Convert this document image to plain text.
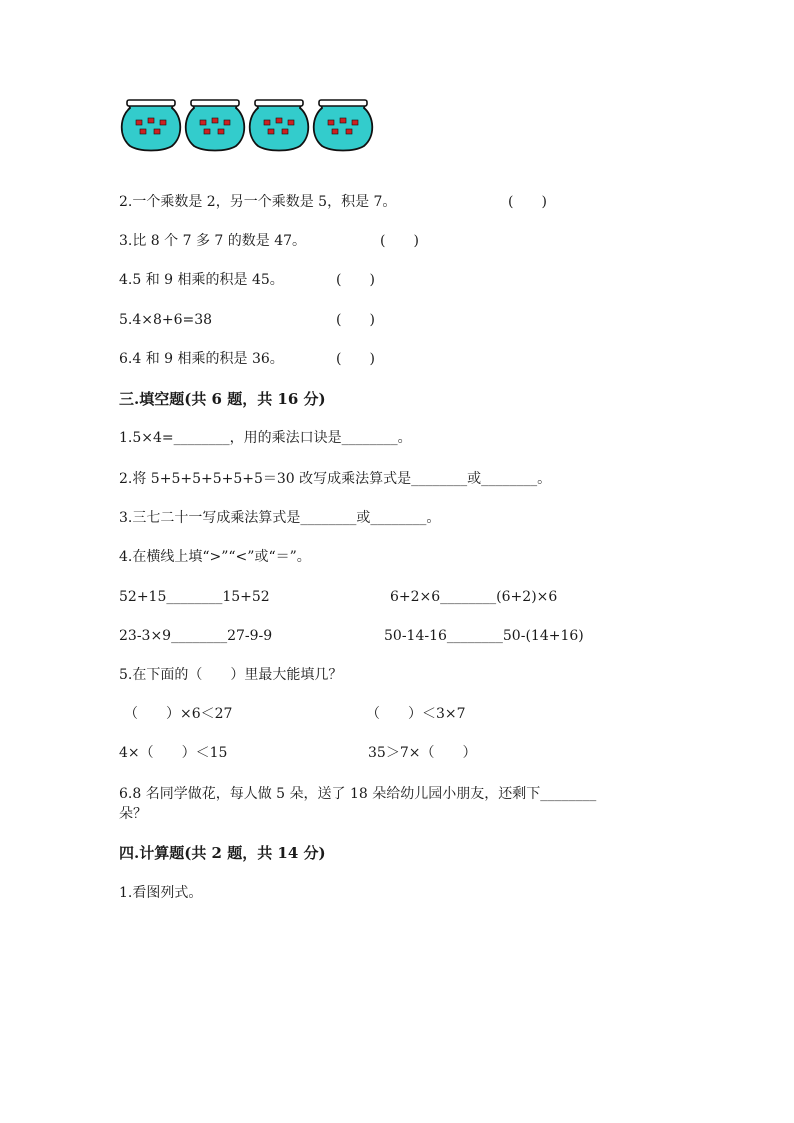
2.一个乘数是 2，另一个乘数是 5，积是 7。	(　　)
3.比 8 个 7 多 7 的数是 47。	(　　)
4.5 和 9 相乘的积是 45。	(　　)
5.4×8+6=38	(　　)
6.4 和 9 相乘的积是 36。	(　　)
三.填空题(共 6 题，共 16 分)
1.5×4=________，用的乘法口诀是________。
2.将 5+5+5+5+5+5＝30 改写成乘法算式是________或________。
3.三七二十一写成乘法算式是________或________。
4.在横线上填“>”“<”或“＝”。
52+15________15+52	6+2×6________(6+2)×6
23-3×9________27-9-9	50-14-16________50-(14+16)
5.在下面的（　　）里最大能填几？
（　　）×6＜27	（　　）＜3×7
4×（　　）＜15	35＞7×（　　）
6.8 名同学做花，每人做 5 朵，送了 18 朵给幼儿园小朋友，还剩下________
朵？
四.计算题(共 2 题，共 14 分)
1.看图列式。
